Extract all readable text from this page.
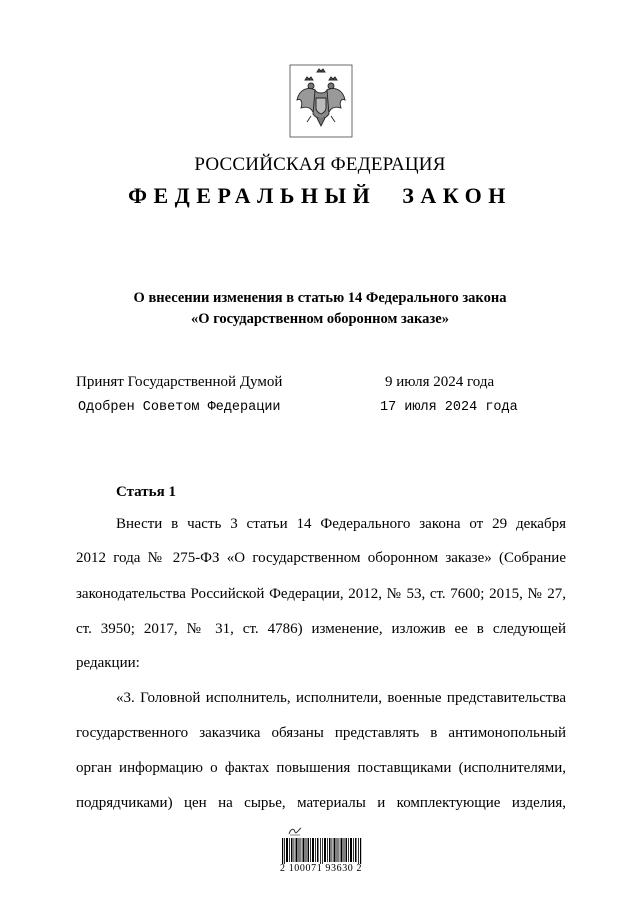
РОССИЙСКАЯ ФЕДЕРАЦИЯ
ФЕДЕРАЛЬНЫЙ ЗАКОН
О внесении изменения в статью 14 Федерального закона
«О государственном оборонном заказе»
Принят Государственной Думой	9 июля 2024 года
Одобрен Советом Федерации	17 июля 2024 года
Статья 1
Внести в часть 3 статьи 14 Федерального закона от 29 декабря
2012 года № 275-ФЗ «О государственном оборонном заказе» (Собрание
законодательства Российской Федерации, 2012, № 53, ст. 7600; 2015, № 27,
ст. 3950; 2017, № 31, ст. 4786) изменение, изложив ее в следующей
редакции:
«3. Головной исполнитель, исполнители, военные представительства
государственного заказчика обязаны представлять в антимонопольный
орган информацию о фактах повышения поставщиками (исполнителями,
подрядчиками) цен на сырье, материалы и комплектующие изделия,
2 100071 93630 2
